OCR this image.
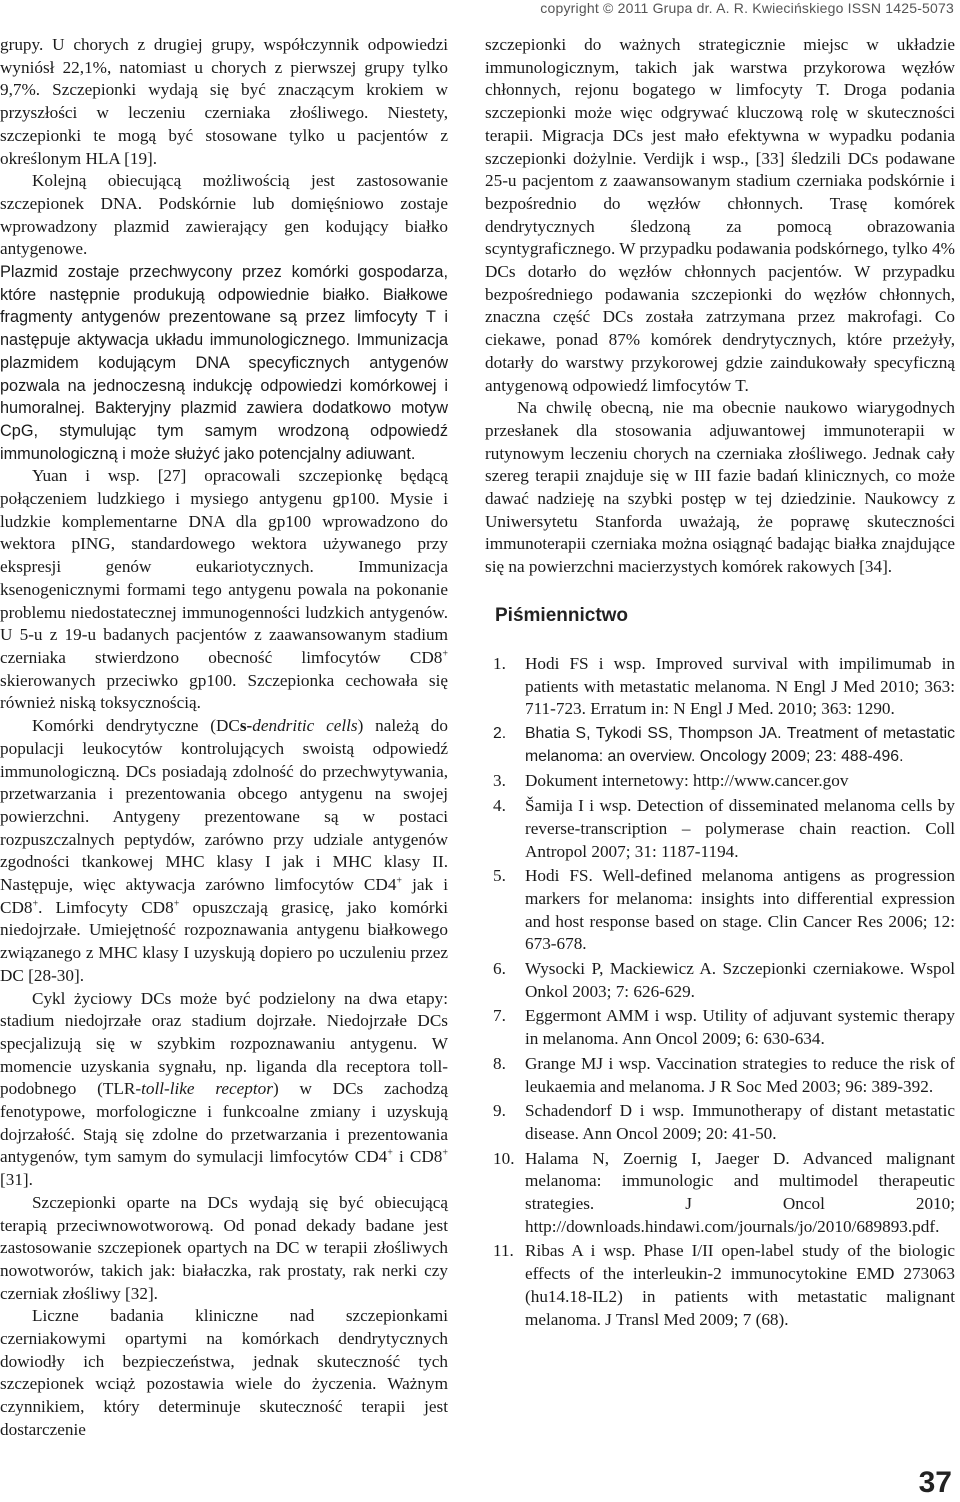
copyright © 2011 Grupa dr. A. R. Kwiecińskiego ISSN 1425-5073

grupy. U chorych z drugiej grupy, współczynnik odpowiedzi wyniósł 22,1%, natomiast u chorych z pierwszej grupy tylko 9,7%. Szczepionki wydają się być znaczącym krokiem w przyszłości w leczeniu czerniaka złośliwego. Niestety, szczepionki te mogą być stosowane tylko u pacjentów z określonym HLA [19].

Kolejną obiecującą możliwością jest zastosowanie szczepionek DNA. Podskórnie lub domięśniowo zostaje wprowadzony plazmid zawierający gen kodujący białko antygenowe.

Plazmid zostaje przechwycony przez komórki gospodarza, które następnie produkują odpowiednie białko. Białkowe fragmenty antygenów prezentowane są przez limfocyty T i następuje aktywacja układu immunologicznego. Immunizacja plazmidem kodującym DNA specyficznych antygenów pozwala na jednoczesną indukcję odpowiedzi komórkowej i humoralnej. Bakteryjny plazmid zawiera dodatkowo motyw CpG, stymulując tym samym wrodzoną odpowiedź immunologiczną i może służyć jako potencjalny adiuwant.

Yuan i wsp. [27] opracowali szczepionkę będącą połączeniem ludzkiego i mysiego antygenu gp100. Mysie i ludzkie komplementarne DNA dla gp100 wprowadzono do wektora pING, standardowego wektora używanego przy ekspresji genów eukariotycznych. Immunizacja ksenogenicznymi formami tego antygenu powala na pokonanie problemu niedostatecznej immunogenności ludzkich antygenów. U 5-u z 19-u badanych pacjentów z zaawansowanym stadium czerniaka stwierdzono obecność limfocytów CD8+ skierowanych przeciwko gp100. Szczepionka cechowała się również niską toksycznością.

Komórki dendrytyczne (DCs-dendritic cells) należą do populacji leukocytów kontrolujących swoistą odpowiedź immunologiczną. DCs posiadają zdolność do przechwytywania, przetwarzania i prezentowania obcego antygenu na swojej powierzchni. Antygeny prezentowane są w postaci rozpuszczalnych peptydów, zarówno przy udziale antygenów zgodności tkankowej MHC klasy I jak i MHC klasy II. Następuje, więc aktywacja zarówno limfocytów CD4+ jak i CD8+. Limfocyty CD8+ opuszczają grasicę, jako komórki niedojrzałe. Umiejętność rozpoznawania antygenu białkowego związanego z MHC klasy I uzyskują dopiero po uczuleniu przez DC [28-30].

Cykl życiowy DCs może być podzielony na dwa etapy: stadium niedojrzałe oraz stadium dojrzałe. Niedojrzałe DCs specjalizują się w szybkim rozpoznawaniu antygenu. W momencie uzyskania sygnału, np. liganda dla receptora toll-podobnego (TLR-toll-like receptor) w DCs zachodzą fenotypowe, morfologiczne i funkcoalne zmiany i uzyskują dojrzałość. Stają się zdolne do przetwarzania i prezentowania antygenów, tym samym do symulacji limfocytów CD4+ i CD8+ [31].

Szczepionki oparte na DCs wydają się być obiecującą terapią przeciwnowotworową. Od ponad dekady badane jest zastosowanie szczepionek opartych na DC w terapii złośliwych nowotworów, takich jak: białaczka, rak prostaty, rak nerki czy czerniak złośliwy [32].

Liczne badania kliniczne nad szczepionkami czerniakowymi opartymi na komórkach dendrytycznych dowiodły ich bezpieczeństwa, jednak skuteczność tych szczepionek wciąż pozostawia wiele do życzenia. Ważnym czynnikiem, który determinuje skuteczność terapii jest dostarczenie

szczepionki do ważnych strategicznie miejsc w układzie immunologicznym, takich jak warstwa przykorowa węzłów chłonnych, rejonu bogatego w limfocyty T. Droga podania szczepionki może więc odgrywać kluczową rolę w skuteczności terapii. Migracja DCs jest mało efektywna w wypadku podania szczepionki dożylnie. Verdijk i wsp., [33] śledzili DCs podawane 25-u pacjentom z zaawansowanym stadium czerniaka podskórnie i bezpośrednio do węzłów chłonnych. Trasę komórek dendrytycznych śledzoną za pomocą obrazowania scyntygraficznego. W przypadku podawania podskórnego, tylko 4% DCs dotarło do węzłów chłonnych pacjentów. W przypadku bezpośredniego podawania szczepionki do węzłów chłonnych, znaczna część DCs została zatrzymana przez makrofagi. Co ciekawe, ponad 87% komórek dendrytycznych, które przeżyły, dotarły do warstwy przykorowej gdzie zaindukowały specyficzną antygenową odpowiedź limfocytów T.

Na chwilę obecną, nie ma obecnie naukowo wiarygodnych przesłanek dla stosowania adjuwantowej immunoterapii w rutynowym leczeniu chorych na czerniaka złośliwego. Jednak cały szereg terapii znajduje się w III fazie badań klinicznych, co może dawać nadzieję na szybki postęp w tej dziedzinie. Naukowcy z Uniwersytetu Stanforda uważają, że poprawę skuteczności immunoterapii czerniaka można osiągnąć badając białka znajdujące się na powierzchni macierzystych komórek rakowych [34].

Piśmiennictwo
1. Hodi FS i wsp. Improved survival with impilimumab in patients with metastatic melanoma. N Engl J Med 2010; 363: 711-723. Erratum in: N Engl J Med. 2010; 363: 1290.
2. Bhatia S, Tykodi SS, Thompson JA. Treatment of metastatic melanoma: an overview. Oncology 2009; 23: 488-496.
3. Dokument internetowy: http://www.cancer.gov
4. Šamija I i wsp. Detection of disseminated melanoma cells by reverse-transcription – polymerase chain reaction. Coll Antropol 2007; 31: 1187-1194.
5. Hodi FS. Well-defined melanoma antigens as progression markers for melanoma: insights into differential expression and host response based on stage. Clin Cancer Res 2006; 12: 673-678.
6. Wysocki P, Mackiewicz A. Szczepionki czerniakowe. Wspol Onkol 2003; 7: 626-629.
7. Eggermont AMM i wsp. Utility of adjuvant systemic therapy in melanoma. Ann Oncol 2009; 6: 630-634.
8. Grange MJ i wsp. Vaccination strategies to reduce the risk of leukaemia and melanoma. J R Soc Med 2003; 96: 389-392.
9. Schadendorf D i wsp. Immunotherapy of distant metastatic disease. Ann Oncol 2009; 20: 41-50.
10. Halama N, Zoernig I, Jaeger D. Advanced malignant melanoma: immunologic and multimodel therapeutic strategies. J Oncol 2010; http://downloads.hindawi.com/journals/jo/2010/689893.pdf.
11. Ribas A i wsp. Phase I/II open-label study of the biologic effects of the interleukin-2 immunocytokine EMD 273063 (hu14.18-IL2) in patients with metastatic malignant melanoma. J Transl Med 2009; 7 (68).
37
